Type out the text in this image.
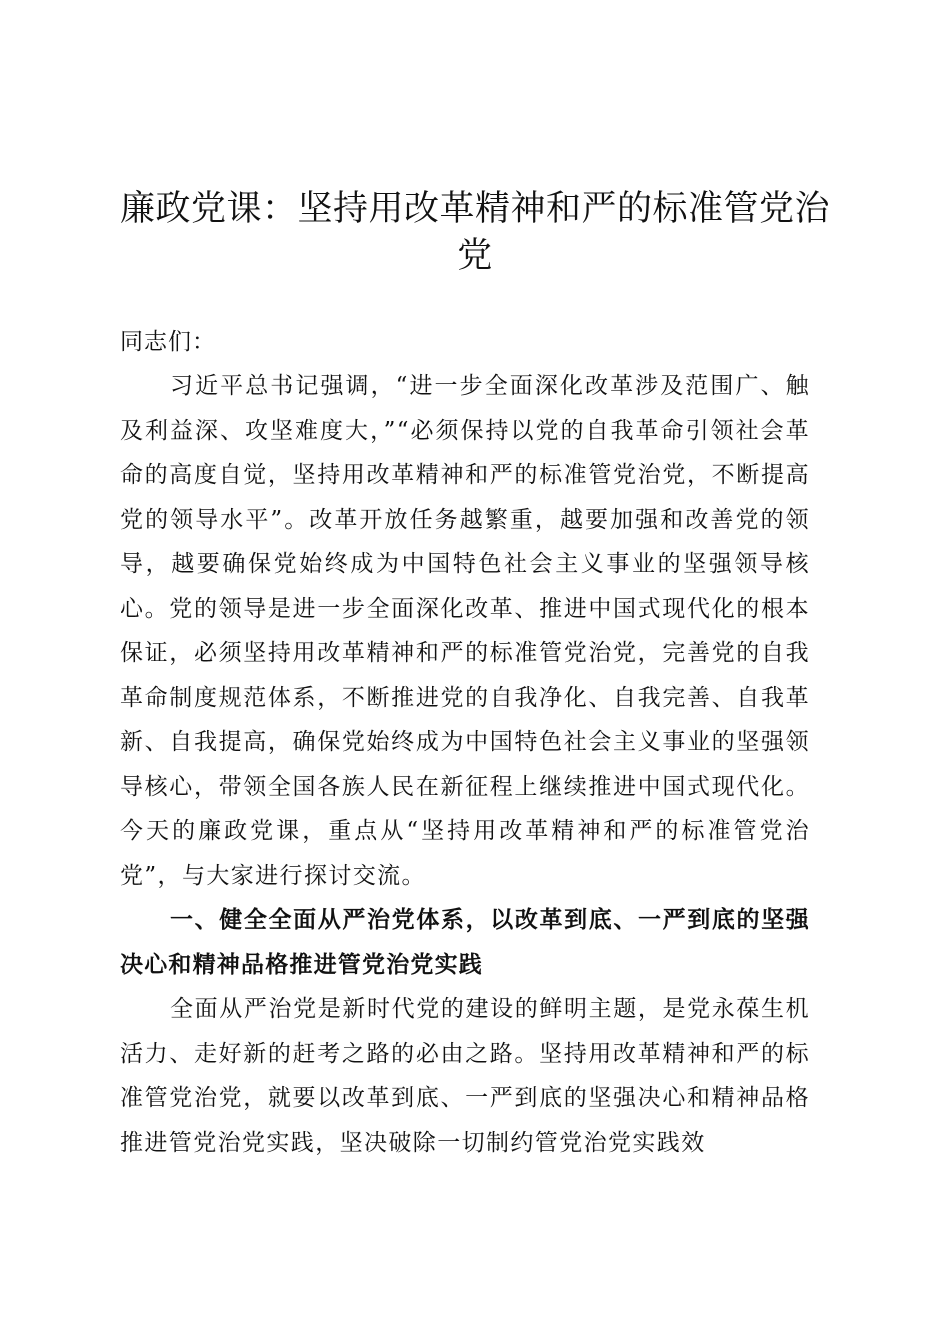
廉政党课：坚持用改革精神和严的标准管党治党

同志们：

习近平总书记强调，“进一步全面深化改革涉及范围广、触及利益深、攻坚难度大，”“必须保持以党的自我革命引领社会革命的高度自觉，坚持用改革精神和严的标准管党治党，不断提高党的领导水平”。改革开放任务越繁重，越要加强和改善党的领导，越要确保党始终成为中国特色社会主义事业的坚强领导核心。党的领导是进一步全面深化改革、推进中国式现代化的根本保证，必须坚持用改革精神和严的标准管党治党，完善党的自我革命制度规范体系，不断推进党的自我净化、自我完善、自我革新、自我提高，确保党始终成为中国特色社会主义事业的坚强领导核心，带领全国各族人民在新征程上继续推进中国式现代化。今天的廉政党课，重点从“坚持用改革精神和严的标准管党治党”，与大家进行探讨交流。

一、健全全面从严治党体系，以改革到底、一严到底的坚强决心和精神品格推进管党治党实践

全面从严治党是新时代党的建设的鲜明主题，是党永葆生机活力、走好新的赶考之路的必由之路。坚持用改革精神和严的标准管党治党，就要以改革到底、一严到底的坚强决心和精神品格推进管党治党实践，坚决破除一切制约管党治党实践效
